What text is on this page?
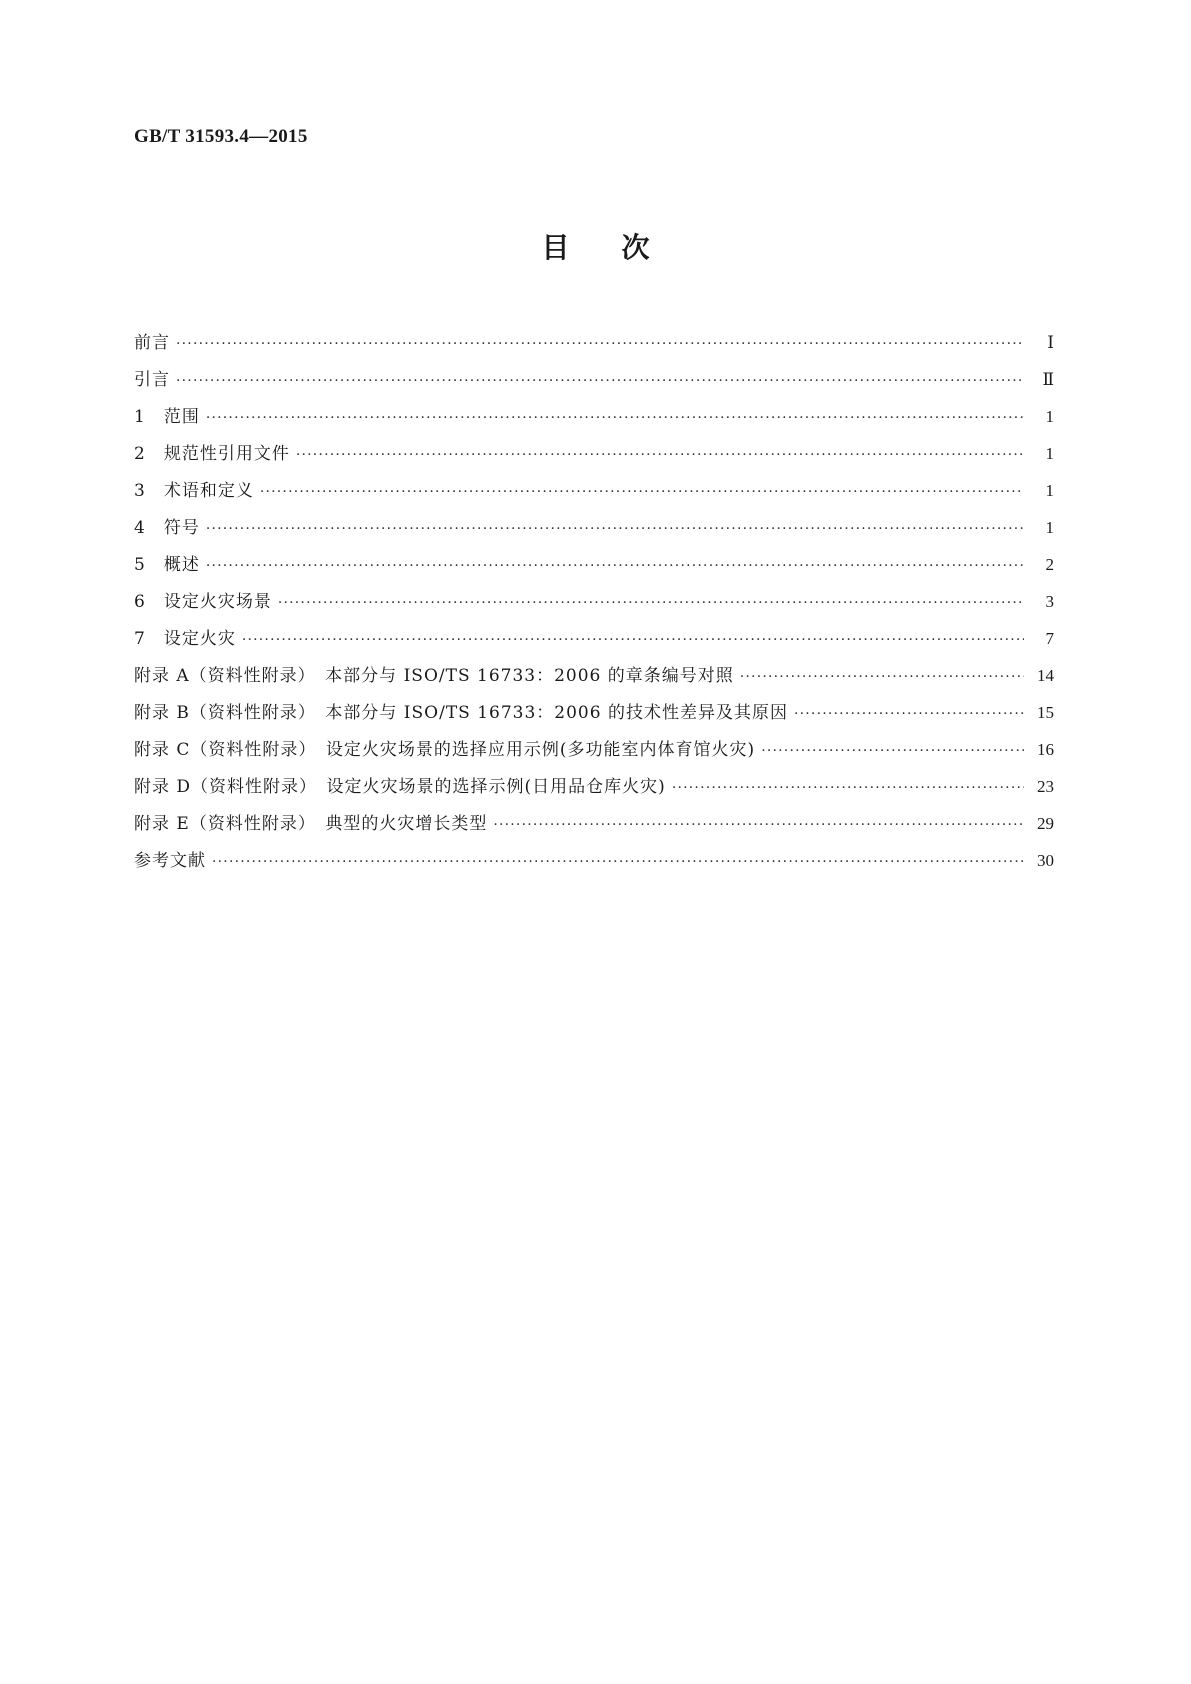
GB/T 31593.4—2015
目次
前言 ·····	Ⅰ
引言 ·····	Ⅱ
1　范围 ·····	1
2　规范性引用文件 ·····	1
3　术语和定义 ·····	1
4　符号 ·····	1
5　概述 ·····	2
6　设定火灾场景 ·····	3
7　设定火灾 ·····	7
附录 A（资料性附录）　本部分与 ISO/TS 16733：2006 的章条编号对照 ·····	14
附录 B（资料性附录）　本部分与 ISO/TS 16733：2006 的技术性差异及其原因 ·····	15
附录 C（资料性附录）　设定火灾场景的选择应用示例(多功能室内体育馆火灾) ·····	16
附录 D（资料性附录）　设定火灾场景的选择示例(日用品仓库火灾) ·····	23
附录 E（资料性附录）　典型的火灾增长类型 ·····	29
参考文献 ·····	30
